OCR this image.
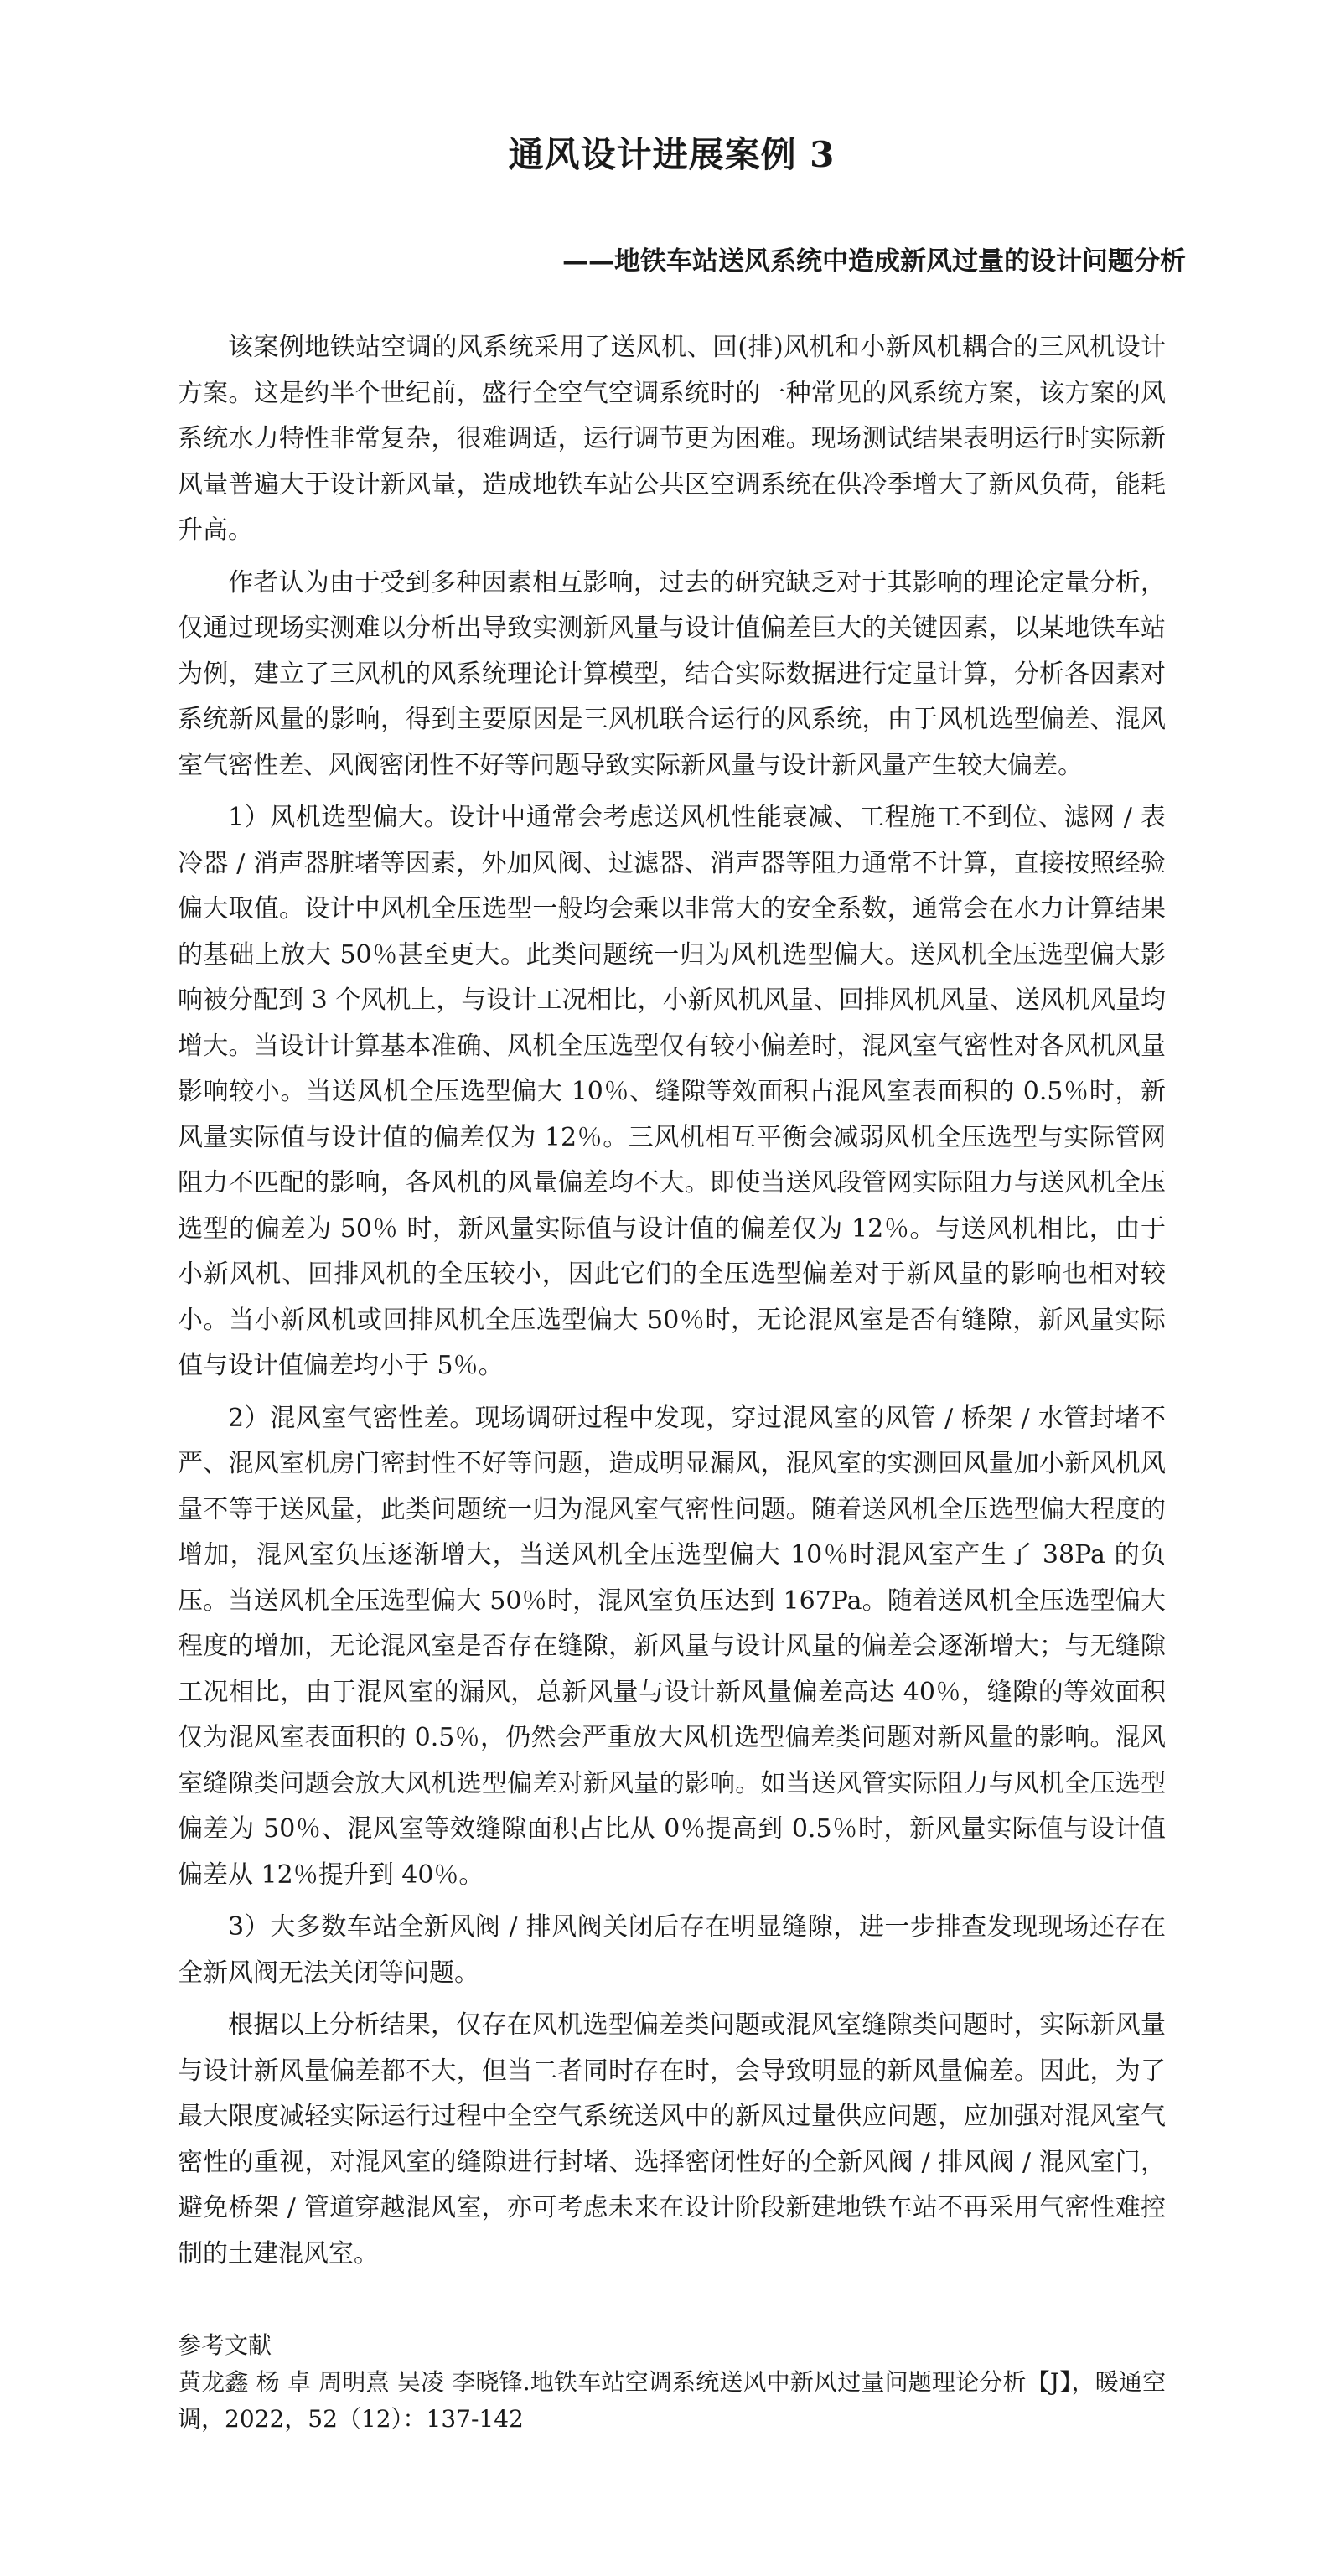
通风设计进展案例 3
——地铁车站送风系统中造成新风过量的设计问题分析

该案例地铁站空调的风系统采用了送风机、回(排)风机和小新风机耦合的三风机设计方案。这是约半个世纪前，盛行全空气空调系统时的一种常见的风系统方案，该方案的风系统水力特性非常复杂，很难调适，运行调节更为困难。现场测试结果表明运行时实际新风量普遍大于设计新风量，造成地铁车站公共区空调系统在供冷季增大了新风负荷，能耗升高。

作者认为由于受到多种因素相互影响，过去的研究缺乏对于其影响的理论定量分析，仅通过现场实测难以分析出导致实测新风量与设计值偏差巨大的关键因素，以某地铁车站为例，建立了三风机的风系统理论计算模型，结合实际数据进行定量计算，分析各因素对系统新风量的影响，得到主要原因是三风机联合运行的风系统，由于风机选型偏差、混风室气密性差、风阀密闭性不好等问题导致实际新风量与设计新风量产生较大偏差。

1）风机选型偏大。设计中通常会考虑送风机性能衰减、工程施工不到位、滤网 / 表冷器 / 消声器脏堵等因素，外加风阀、过滤器、消声器等阻力通常不计算，直接按照经验偏大取值。设计中风机全压选型一般均会乘以非常大的安全系数，通常会在水力计算结果的基础上放大 50％甚至更大。此类问题统一归为风机选型偏大。送风机全压选型偏大影响被分配到 3 个风机上，与设计工况相比，小新风机风量、回排风机风量、送风机风量均增大。当设计计算基本准确、风机全压选型仅有较小偏差时，混风室气密性对各风机风量影响较小。当送风机全压选型偏大 10％、缝隙等效面积占混风室表面积的 0.5％时，新风量实际值与设计值的偏差仅为 12％。三风机相互平衡会减弱风机全压选型与实际管网阻力不匹配的影响，各风机的风量偏差均不大。即使当送风段管网实际阻力与送风机全压选型的偏差为 50％ 时，新风量实际值与设计值的偏差仅为 12％。与送风机相比，由于小新风机、回排风机的全压较小，因此它们的全压选型偏差对于新风量的影响也相对较小。当小新风机或回排风机全压选型偏大 50％时，无论混风室是否有缝隙，新风量实际值与设计值偏差均小于 5％。

2）混风室气密性差。现场调研过程中发现，穿过混风室的风管 / 桥架 / 水管封堵不严、混风室机房门密封性不好等问题，造成明显漏风，混风室的实测回风量加小新风机风量不等于送风量，此类问题统一归为混风室气密性问题。随着送风机全压选型偏大程度的增加，混风室负压逐渐增大，当送风机全压选型偏大 10％时混风室产生了 38Pa 的负压。当送风机全压选型偏大 50％时，混风室负压达到 167Pa。随着送风机全压选型偏大程度的增加，无论混风室是否存在缝隙，新风量与设计风量的偏差会逐渐增大；与无缝隙工况相比，由于混风室的漏风，总新风量与设计新风量偏差高达 40％，缝隙的等效面积仅为混风室表面积的 0.5％，仍然会严重放大风机选型偏差类问题对新风量的影响。混风室缝隙类问题会放大风机选型偏差对新风量的影响。如当送风管实际阻力与风机全压选型偏差为 50％、混风室等效缝隙面积占比从 0％提高到 0.5％时，新风量实际值与设计值偏差从 12％提升到 40％。

3）大多数车站全新风阀 / 排风阀关闭后存在明显缝隙，进一步排查发现现场还存在全新风阀无法关闭等问题。

根据以上分析结果，仅存在风机选型偏差类问题或混风室缝隙类问题时，实际新风量与设计新风量偏差都不大，但当二者同时存在时，会导致明显的新风量偏差。因此，为了最大限度减轻实际运行过程中全空气系统送风中的新风过量供应问题，应加强对混风室气密性的重视，对混风室的缝隙进行封堵、选择密闭性好的全新风阀 / 排风阀 / 混风室门，避免桥架 / 管道穿越混风室，亦可考虑未来在设计阶段新建地铁车站不再采用气密性难控制的土建混风室。

参考文献

黄龙鑫 杨 卓 周明熹 吴凌 李晓锋.地铁车站空调系统送风中新风过量问题理论分析【J】，暖通空调，2022，52（12）：137-142
